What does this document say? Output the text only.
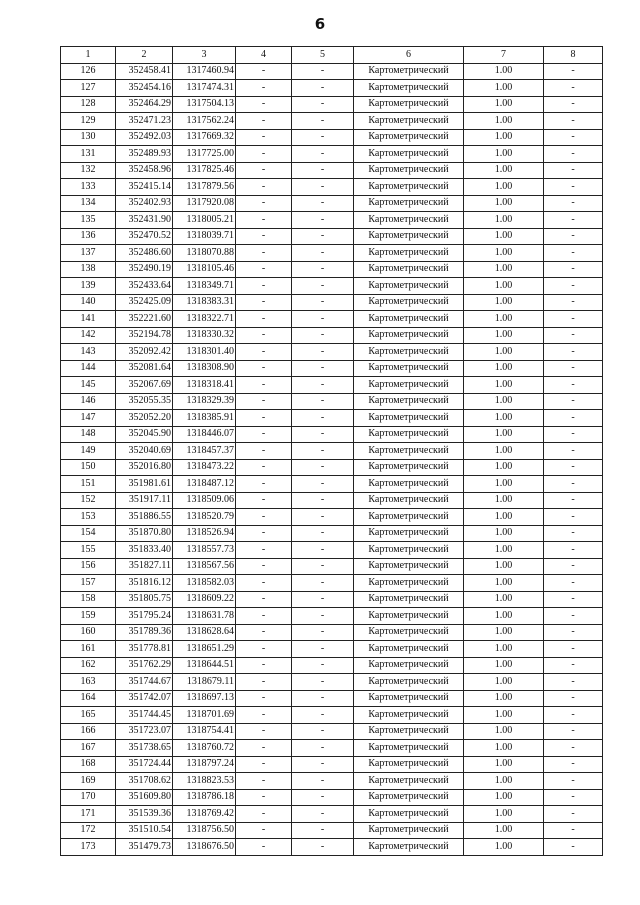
6
1	2	3	4	5	6	7	8
126	352458.41	1317460.94	-	-	Картометрический	1.00	-
127	352454.16	1317474.31	-	-	Картометрический	1.00	-
128	352464.29	1317504.13	-	-	Картометрический	1.00	-
129	352471.23	1317562.24	-	-	Картометрический	1.00	-
130	352492.03	1317669.32	-	-	Картометрический	1.00	-
131	352489.93	1317725.00	-	-	Картометрический	1.00	-
132	352458.96	1317825.46	-	-	Картометрический	1.00	-
133	352415.14	1317879.56	-	-	Картометрический	1.00	-
134	352402.93	1317920.08	-	-	Картометрический	1.00	-
135	352431.90	1318005.21	-	-	Картометрический	1.00	-
136	352470.52	1318039.71	-	-	Картометрический	1.00	-
137	352486.60	1318070.88	-	-	Картометрический	1.00	-
138	352490.19	1318105.46	-	-	Картометрический	1.00	-
139	352433.64	1318349.71	-	-	Картометрический	1.00	-
140	352425.09	1318383.31	-	-	Картометрический	1.00	-
141	352221.60	1318322.71	-	-	Картометрический	1.00	-
142	352194.78	1318330.32	-	-	Картометрический	1.00	-
143	352092.42	1318301.40	-	-	Картометрический	1.00	-
144	352081.64	1318308.90	-	-	Картометрический	1.00	-
145	352067.69	1318318.41	-	-	Картометрический	1.00	-
146	352055.35	1318329.39	-	-	Картометрический	1.00	-
147	352052.20	1318385.91	-	-	Картометрический	1.00	-
148	352045.90	1318446.07	-	-	Картометрический	1.00	-
149	352040.69	1318457.37	-	-	Картометрический	1.00	-
150	352016.80	1318473.22	-	-	Картометрический	1.00	-
151	351981.61	1318487.12	-	-	Картометрический	1.00	-
152	351917.11	1318509.06	-	-	Картометрический	1.00	-
153	351886.55	1318520.79	-	-	Картометрический	1.00	-
154	351870.80	1318526.94	-	-	Картометрический	1.00	-
155	351833.40	1318557.73	-	-	Картометрический	1.00	-
156	351827.11	1318567.56	-	-	Картометрический	1.00	-
157	351816.12	1318582.03	-	-	Картометрический	1.00	-
158	351805.75	1318609.22	-	-	Картометрический	1.00	-
159	351795.24	1318631.78	-	-	Картометрический	1.00	-
160	351789.36	1318628.64	-	-	Картометрический	1.00	-
161	351778.81	1318651.29	-	-	Картометрический	1.00	-
162	351762.29	1318644.51	-	-	Картометрический	1.00	-
163	351744.67	1318679.11	-	-	Картометрический	1.00	-
164	351742.07	1318697.13	-	-	Картометрический	1.00	-
165	351744.45	1318701.69	-	-	Картометрический	1.00	-
166	351723.07	1318754.41	-	-	Картометрический	1.00	-
167	351738.65	1318760.72	-	-	Картометрический	1.00	-
168	351724.44	1318797.24	-	-	Картометрический	1.00	-
169	351708.62	1318823.53	-	-	Картометрический	1.00	-
170	351609.80	1318786.18	-	-	Картометрический	1.00	-
171	351539.36	1318769.42	-	-	Картометрический	1.00	-
172	351510.54	1318756.50	-	-	Картометрический	1.00	-
173	351479.73	1318676.50	-	-	Картометрический	1.00	-
